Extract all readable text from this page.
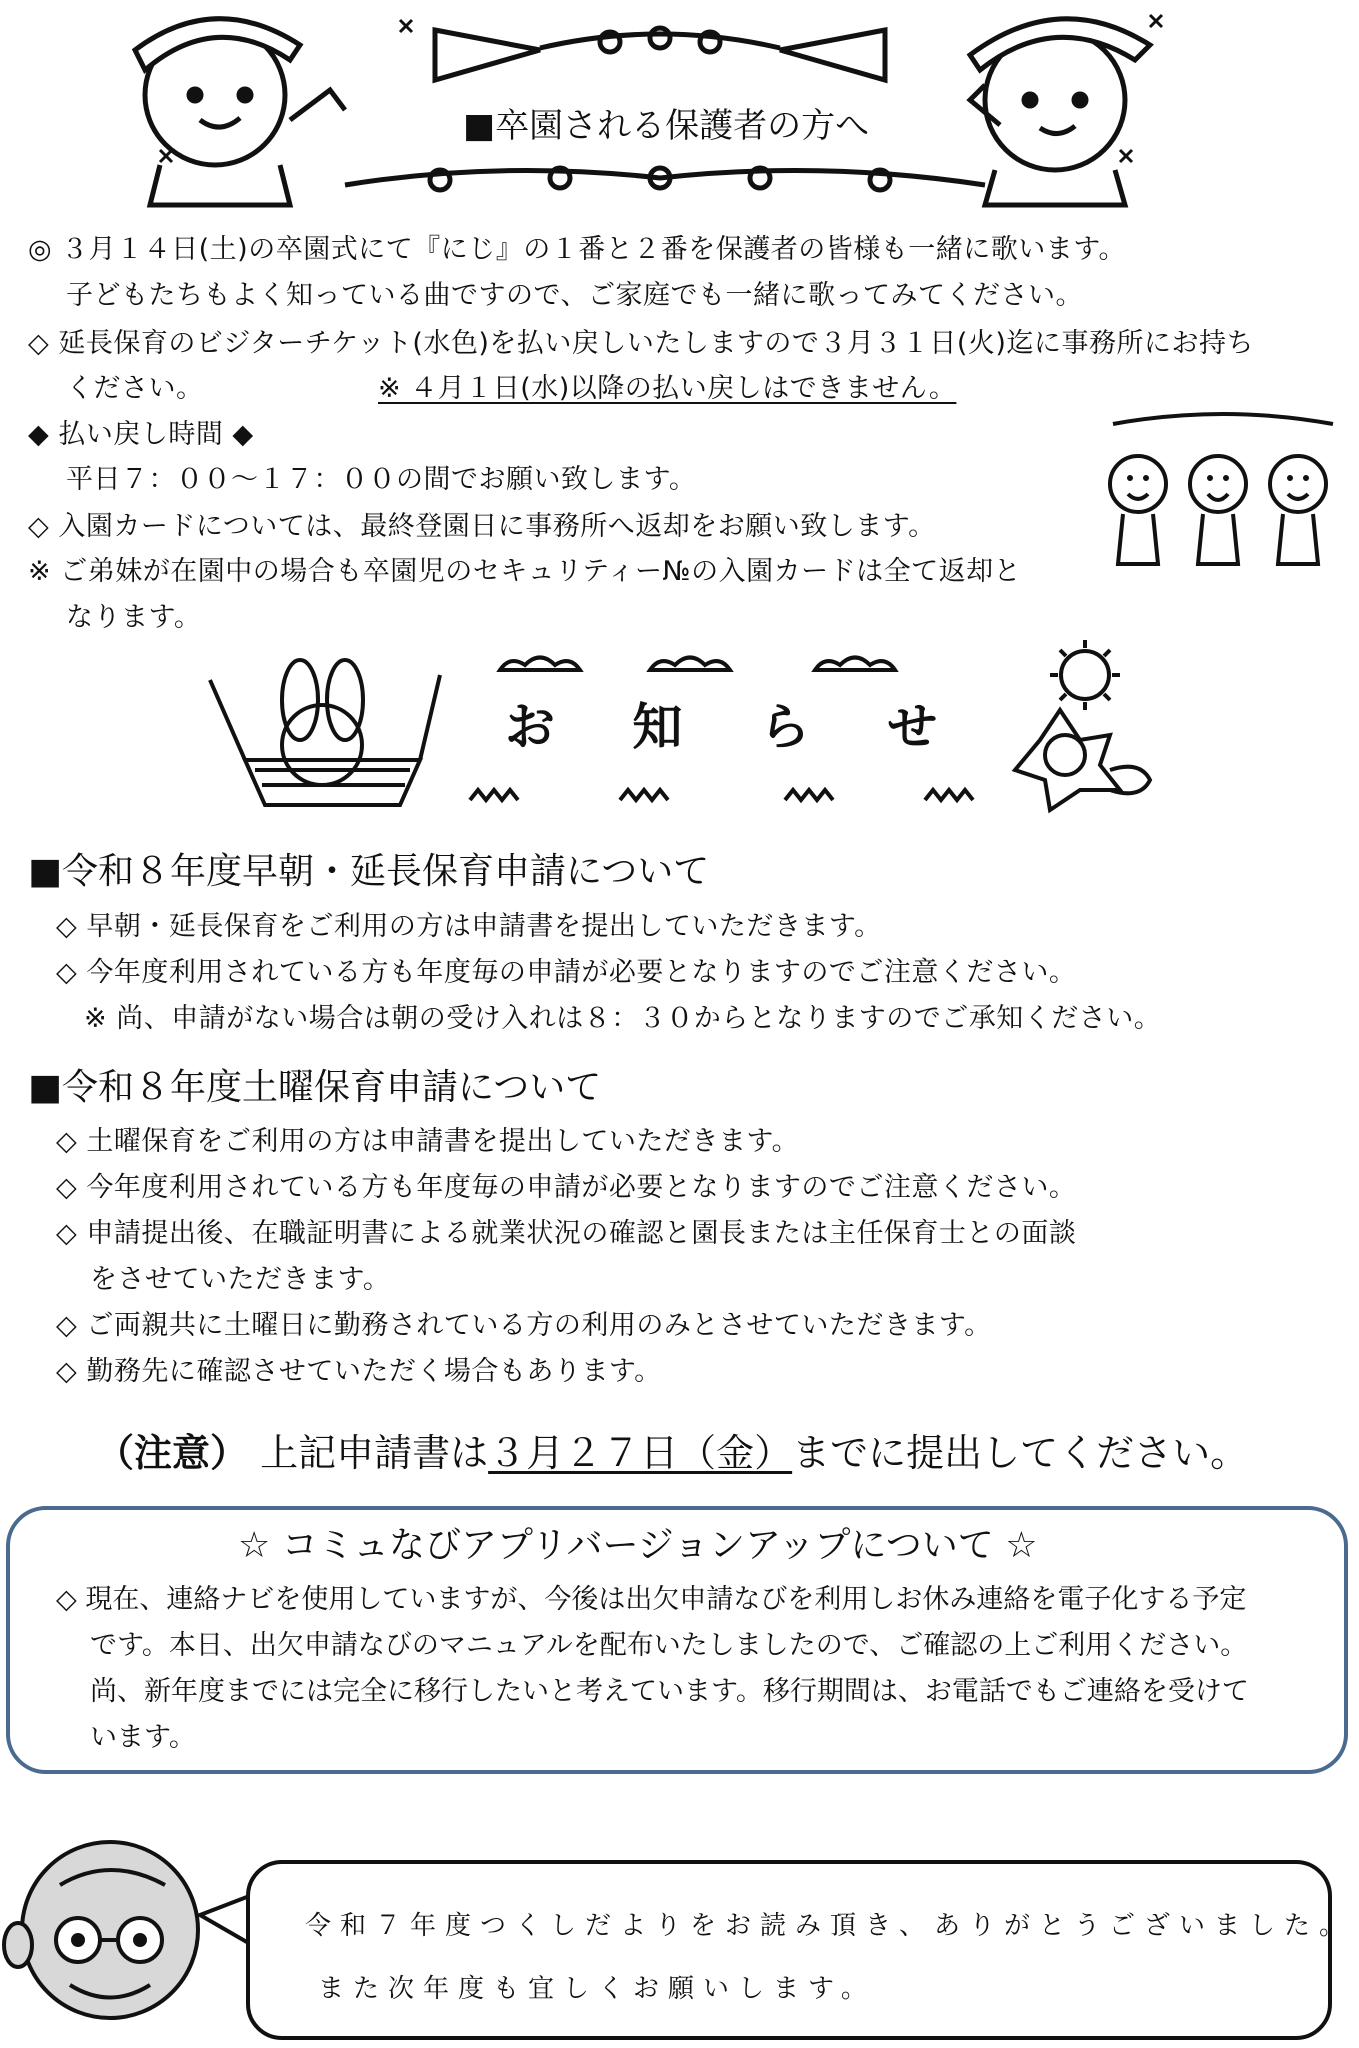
■卒園される保護者の方へ
◎ ３月１４日(土)の卒園式にて『にじ』の１番と２番を保護者の皆様も一緒に歌います。
子どもたちもよく知っている曲ですので、ご家庭でも一緒に歌ってみてください。
◇ 延長保育のビジターチケット(水色)を払い戻しいたしますので３月３１日(火)迄に事務所にお持ち
ください。	※ ４月１日(水)以降の払い戻しはできません。
◆ 払い戻し時間 ◆
平日７：００～１７：００の間でお願い致します。
◇ 入園カードについては、最終登園日に事務所へ返却をお願い致します。
※ ご弟妹が在園中の場合も卒園児のセキュリティー№の入園カードは全て返却と
なります。
お 知 ら せ
■令和８年度早朝・延長保育申請について
◇ 早朝・延長保育をご利用の方は申請書を提出していただきます。
◇ 今年度利用されている方も年度毎の申請が必要となりますのでご注意ください。
※ 尚、申請がない場合は朝の受け入れは８：３０からとなりますのでご承知ください。
■令和８年度土曜保育申請について
◇ 土曜保育をご利用の方は申請書を提出していただきます。
◇ 今年度利用されている方も年度毎の申請が必要となりますのでご注意ください。
◇ 申請提出後、在職証明書による就業状況の確認と園長または主任保育士との面談
をさせていただきます。
◇ ご両親共に土曜日に勤務されている方の利用のみとさせていただきます。
◇ 勤務先に確認させていただく場合もあります。
（注意） 上記申請書は３月２７日（金）までに提出してください。
☆ コミュなびアプリバージョンアップについて ☆
◇ 現在、連絡ナビを使用していますが、今後は出欠申請なびを利用しお休み連絡を電子化する予定
です。本日、出欠申請なびのマニュアルを配布いたしましたので、ご確認の上ご利用ください。
尚、新年度までには完全に移行したいと考えています。移行期間は、お電話でもご連絡を受けて
います。
令和７年度つくしだよりをお読み頂き、ありがとうございました。
また次年度も宜しくお願いします。
